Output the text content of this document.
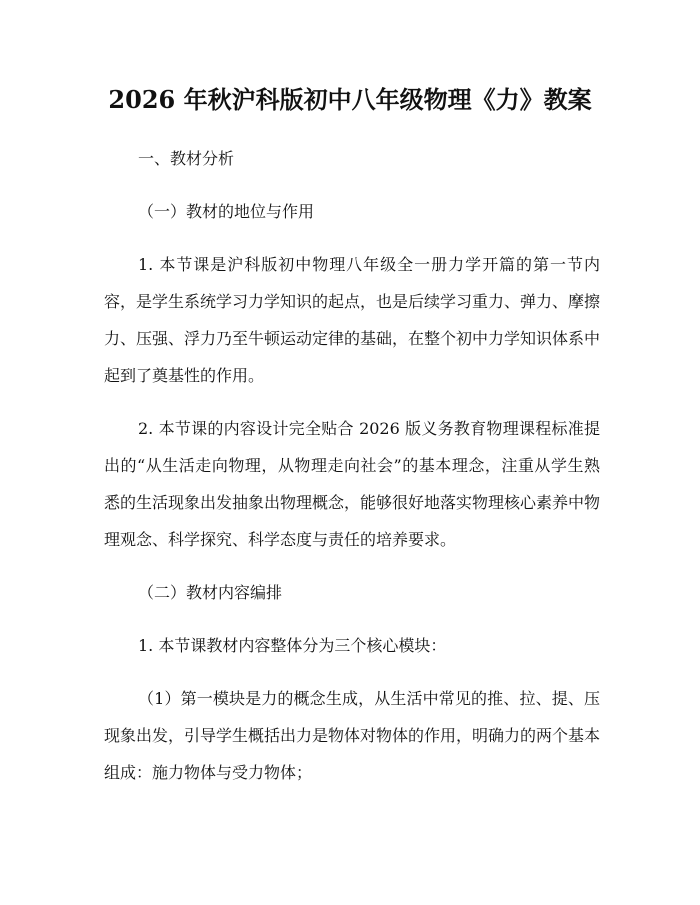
2026 年秋沪科版初中八年级物理《力》教案

一、教材分析

（一）教材的地位与作用

1. 本节课是沪科版初中物理八年级全一册力学开篇的第一节内容，是学生系统学习力学知识的起点，也是后续学习重力、弹力、摩擦力、压强、浮力乃至牛顿运动定律的基础，在整个初中力学知识体系中起到了奠基性的作用。

2. 本节课的内容设计完全贴合 2026 版义务教育物理课程标准提出的“从生活走向物理，从物理走向社会”的基本理念，注重从学生熟悉的生活现象出发抽象出物理概念，能够很好地落实物理核心素养中物理观念、科学探究、科学态度与责任的培养要求。

（二）教材内容编排

1. 本节课教材内容整体分为三个核心模块：

（1）第一模块是力的概念生成，从生活中常见的推、拉、提、压现象出发，引导学生概括出力是物体对物体的作用，明确力的两个基本组成：施力物体与受力物体；
